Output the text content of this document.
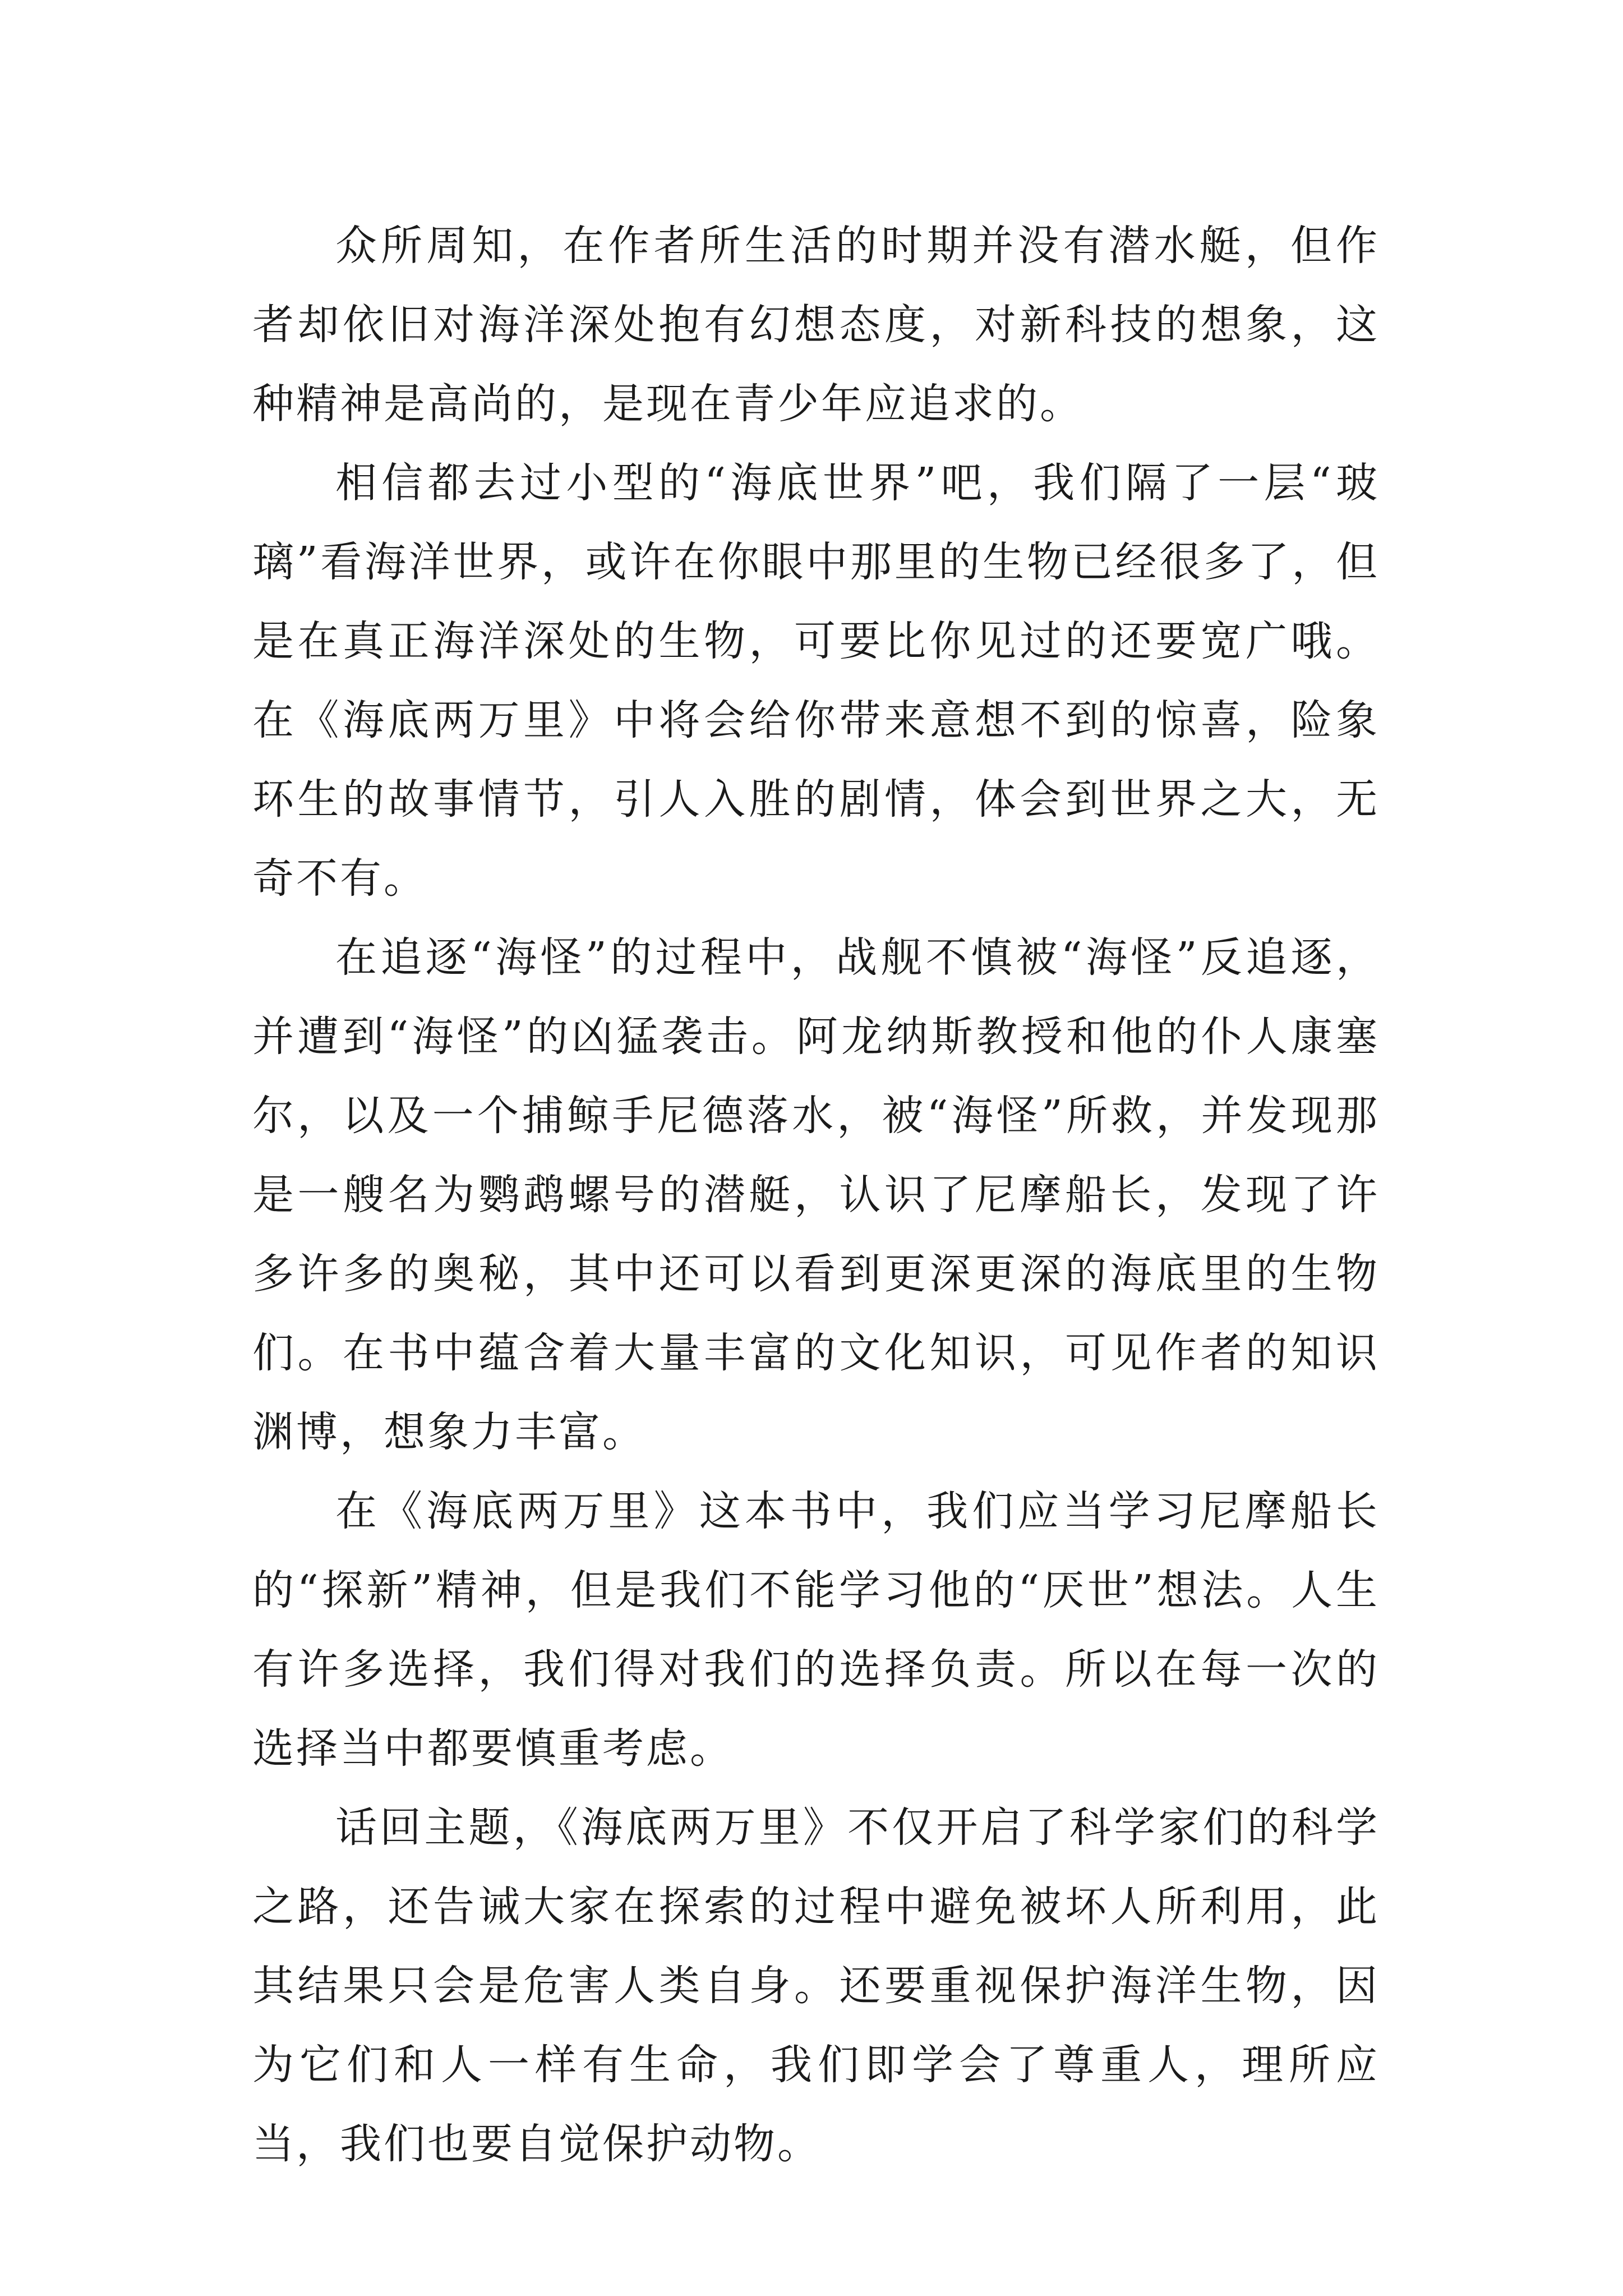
众所周知，在作者所生活的时期并没有潜水艇，但作者却依旧对海洋深处抱有幻想态度，对新科技的想象，这种精神是高尚的，是现在青少年应追求的。

相信都去过小型的“海底世界”吧，我们隔了一层“玻璃”看海洋世界，或许在你眼中那里的生物已经很多了，但是在真正海洋深处的生物，可要比你见过的还要宽广哦。在《海底两万里》中将会给你带来意想不到的惊喜，险象环生的故事情节，引人入胜的剧情，体会到世界之大，无奇不有。

在追逐“海怪”的过程中，战舰不慎被“海怪”反追逐，并遭到“海怪”的凶猛袭击。阿龙纳斯教授和他的仆人康塞尔，以及一个捕鲸手尼德落水，被“海怪”所救，并发现那是一艘名为鹦鹉螺号的潜艇，认识了尼摩船长，发现了许多许多的奥秘，其中还可以看到更深更深的海底里的生物们。在书中蕴含着大量丰富的文化知识，可见作者的知识渊博，想象力丰富。

在《海底两万里》这本书中，我们应当学习尼摩船长的“探新”精神，但是我们不能学习他的“厌世”想法。人生有许多选择，我们得对我们的选择负责。所以在每一次的选择当中都要慎重考虑。

话回主题，《海底两万里》不仅开启了科学家们的科学之路，还告诫大家在探索的过程中避免被坏人所利用，此其结果只会是危害人类自身。还要重视保护海洋生物，因为它们和人一样有生命，我们即学会了尊重人，理所应当，我们也要自觉保护动物。
